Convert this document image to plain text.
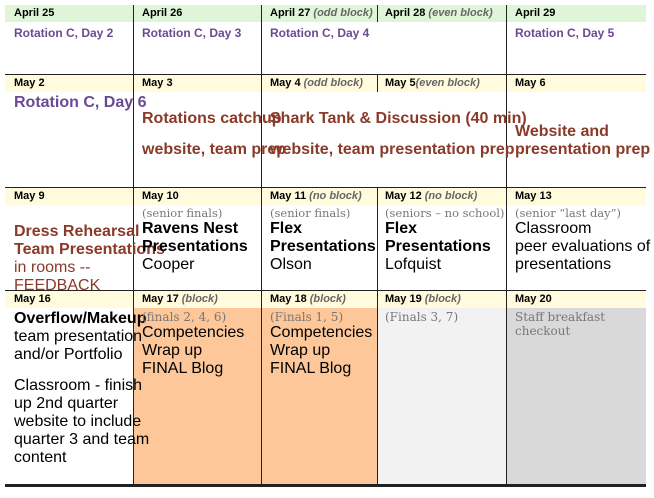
April 25
Rotation C, Day 2
April 26
Rotation C, Day 3
April 27 (odd block)
Rotation C, Day 4
April 28 (even block) April 29
Rotation C, Day 5
May 2
Rotation C, Day 6
May 3
Rotations catchup
website, team prep
May 4 (odd block)
Shark Tank & Discussion (40 min)
website, team presentation prep
May 5(even block)	May 6
Website and
presentation prep
May 9
Dress Rehearsal
Team Presentations
in rooms --
FEEDBACK
May 10
(senior finals)
Ravens Nest
Presentations
Cooper
May 11 (no block)
(senior finals)
Flex
Presentations
Olson
May 12 (no block)
(seniors – no school)
Flex
Presentations
Lofquist
May 13
(senior “last day”)
Classroom
peer evaluations of
presentations
May 16
Overflow/Makeup
team presentation
and/or Portfolio
Classroom - finish
up 2nd quarter
website to include
quarter 3 and team
content
May 17 (block)
(finals 2, 4, 6)
Competencies
Wrap up
FINAL Blog
May 18 (block)
(Finals 1, 5)
Competencies
Wrap up
FINAL Blog
May 19 (block)
(Finals 3, 7)
May 20
Staff breakfast
checkout
